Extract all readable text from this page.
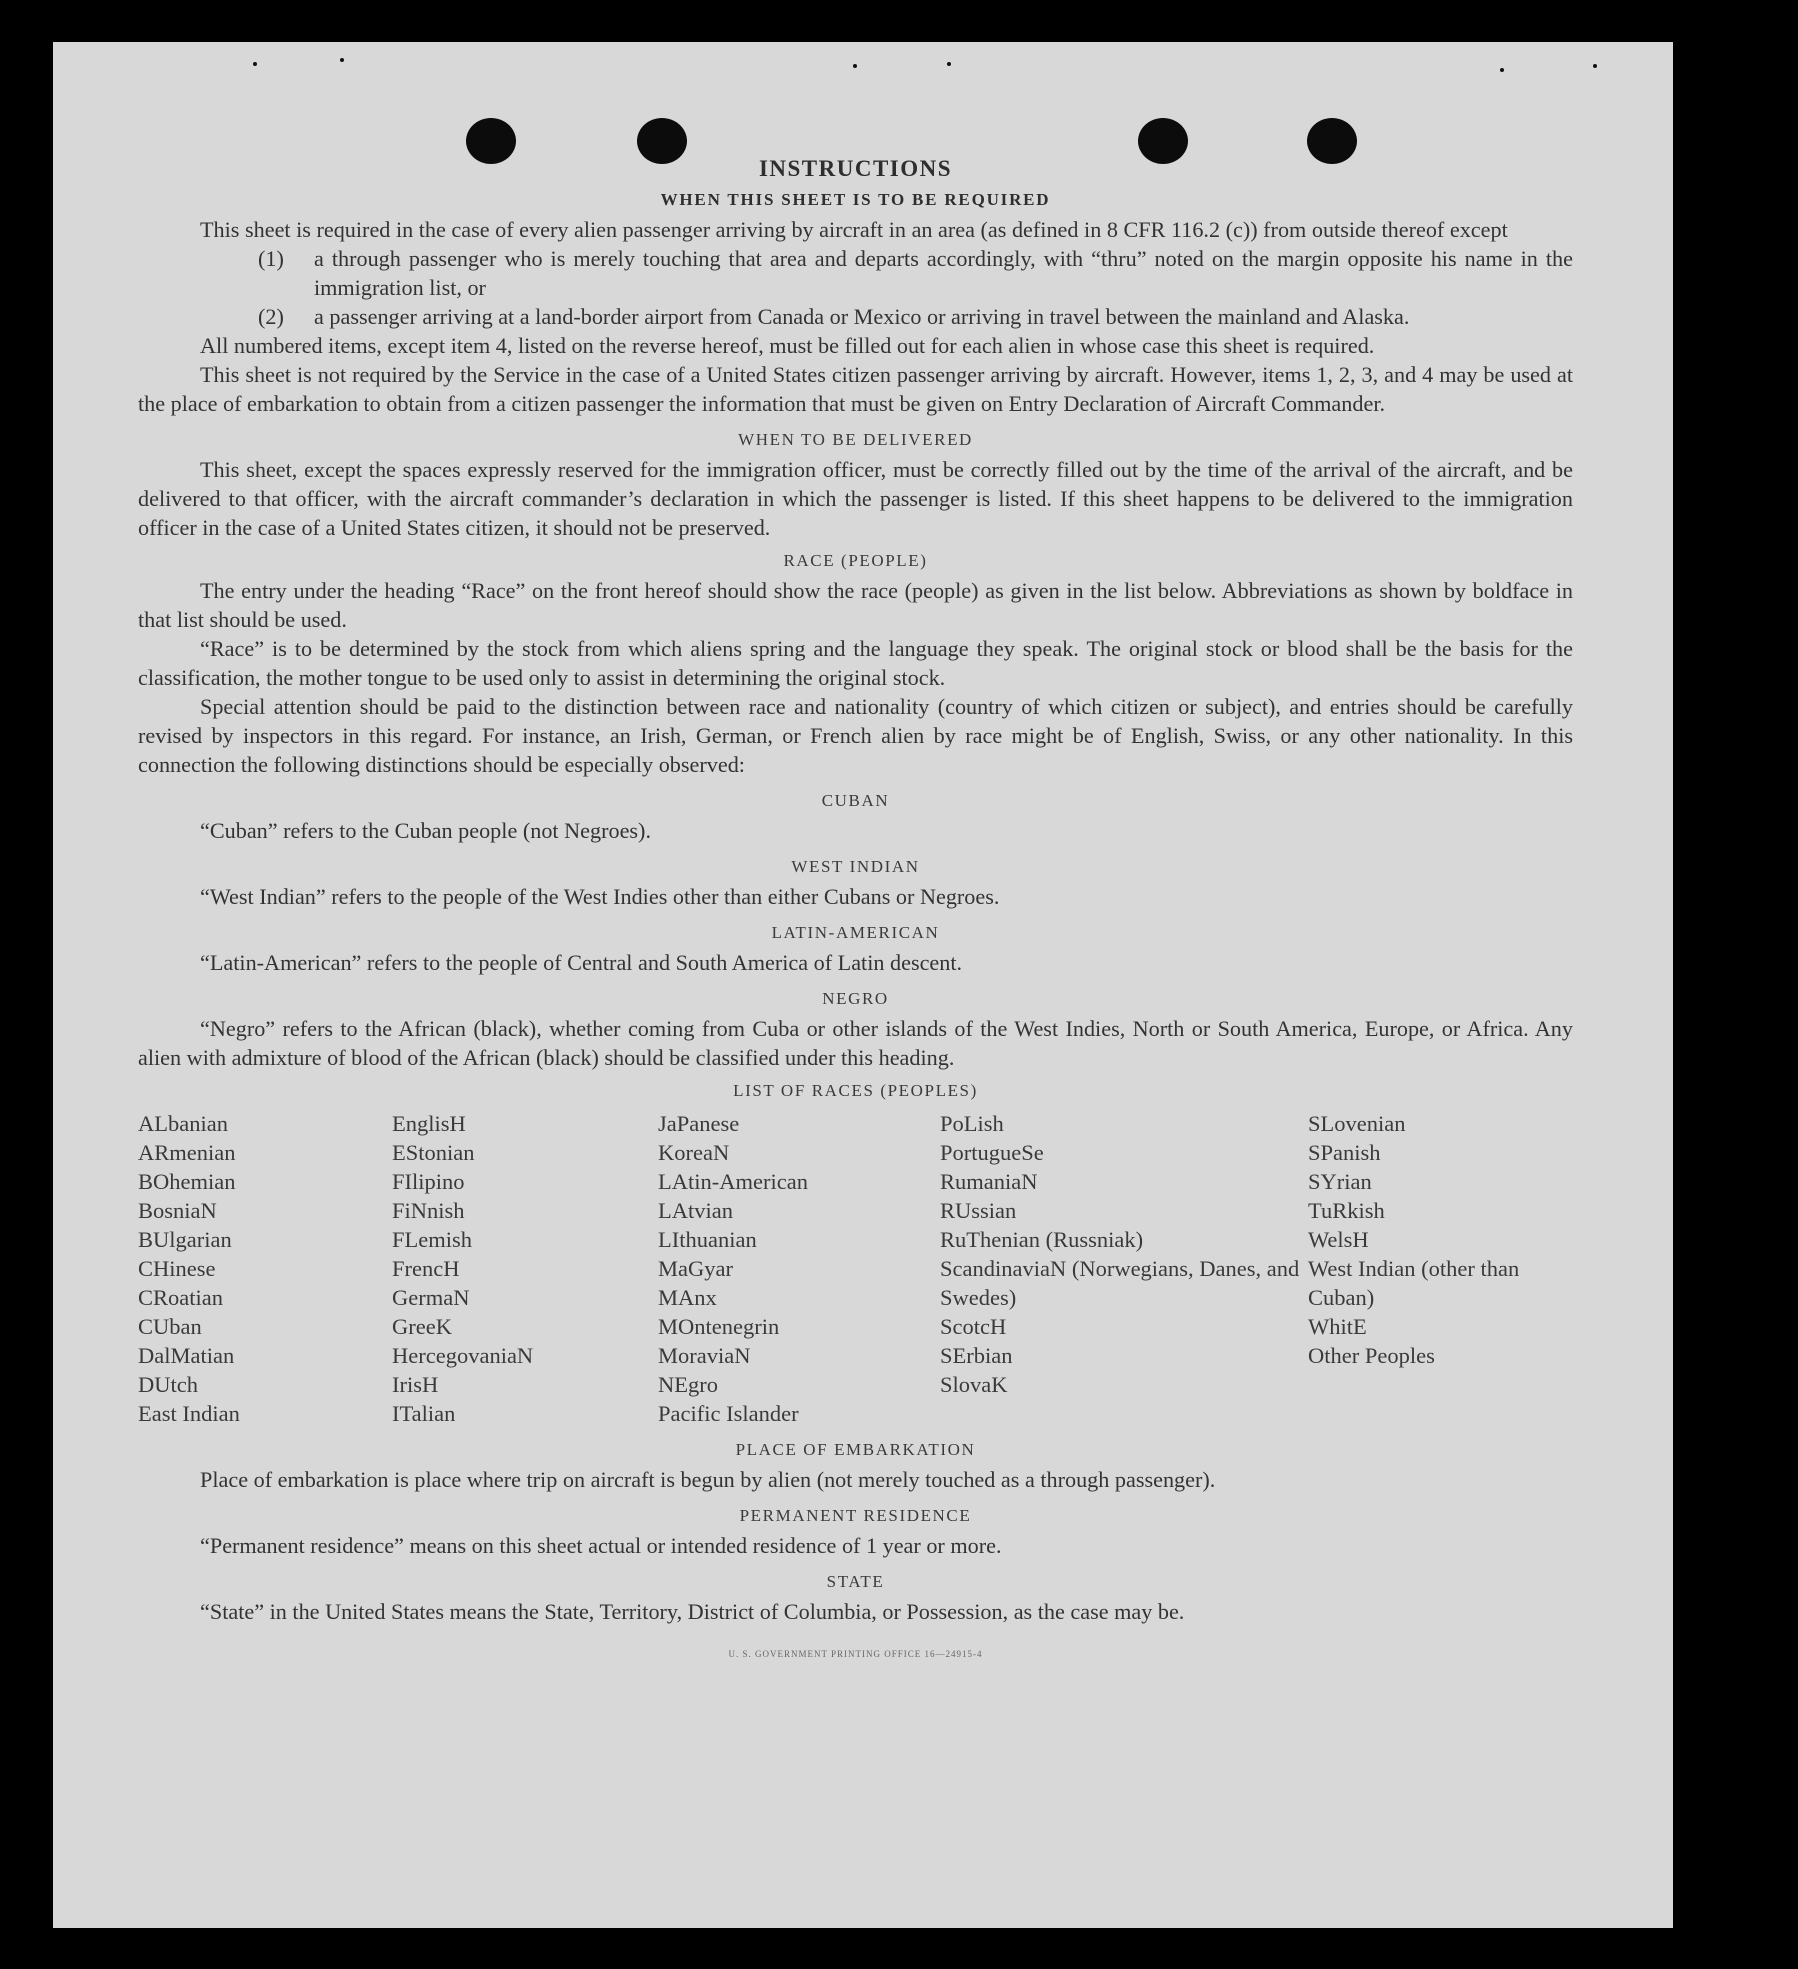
INSTRUCTIONS
WHEN THIS SHEET IS TO BE REQUIRED

This sheet is required in the case of every alien passenger arriving by aircraft in an area (as defined in 8 CFR 116.2 (c)) from outside thereof except

(1)	a through passenger who is merely touching that area and departs accordingly, with “thru” noted on the margin opposite his name in the immigration list, or
(2)	a passenger arriving at a land-border airport from Canada or Mexico or arriving in travel between the mainland and Alaska.

All numbered items, except item 4, listed on the reverse hereof, must be filled out for each alien in whose case this sheet is required.

This sheet is not required by the Service in the case of a United States citizen passenger arriving by aircraft. However, items 1, 2, 3, and 4 may be used at the place of embarkation to obtain from a citizen passenger the information that must be given on Entry Declaration of Aircraft Commander.

WHEN TO BE DELIVERED

This sheet, except the spaces expressly reserved for the immigration officer, must be correctly filled out by the time of the arrival of the aircraft, and be delivered to that officer, with the aircraft commander’s declaration in which the passenger is listed. If this sheet happens to be delivered to the immigration officer in the case of a United States citizen, it should not be preserved.

RACE (PEOPLE)

The entry under the heading “Race” on the front hereof should show the race (people) as given in the list below. Abbreviations as shown by boldface in that list should be used.

“Race” is to be determined by the stock from which aliens spring and the language they speak. The original stock or blood shall be the basis for the classification, the mother tongue to be used only to assist in determining the original stock.

Special attention should be paid to the distinction between race and nationality (country of which citizen or subject), and entries should be carefully revised by inspectors in this regard. For instance, an Irish, German, or French alien by race might be of English, Swiss, or any other nationality. In this connection the following distinctions should be especially observed:

CUBAN

“Cuban” refers to the Cuban people (not Negroes).

WEST INDIAN

“West Indian” refers to the people of the West Indies other than either Cubans or Negroes.

LATIN-AMERICAN

“Latin-American” refers to the people of Central and South America of Latin descent.

NEGRO

“Negro” refers to the African (black), whether coming from Cuba or other islands of the West Indies, North or South America, Europe, or Africa. Any alien with admixture of blood of the African (black) should be classified under this heading.

LIST OF RACES (PEOPLES)
ALbanian
ARmenian
BOhemian
BosniaN
BUlgarian
CHinese
CRoatian
CUban
DalMatian
DUtch
East Indian
EnglisH
EStonian
FIlipino
FiNnish
FLemish
FrencH
GermaN
GreeK
HercegovaniaN
IrisH
ITalian
JaPanese
KoreaN
LAtin-American
LAtvian
LIthuanian
MaGyar
MAnx
MOntenegrin
MoraviaN
NEgro
Pacific Islander
PoLish
PortugueSe
RumaniaN
RUssian
RuThenian (Russniak)
ScandinaviaN (Norwegians, Danes, and Swedes)
ScotcH
SErbian
SlovaK
SLovenian
SPanish
SYrian
TuRkish
WelsH
West Indian (other than Cuban)
WhitE
Other Peoples
PLACE OF EMBARKATION

Place of embarkation is place where trip on aircraft is begun by alien (not merely touched as a through passenger).

PERMANENT RESIDENCE

“Permanent residence” means on this sheet actual or intended residence of 1 year or more.

STATE

“State” in the United States means the State, Territory, District of Columbia, or Possession, as the case may be.

U. S. GOVERNMENT PRINTING OFFICE 16—24915-4
